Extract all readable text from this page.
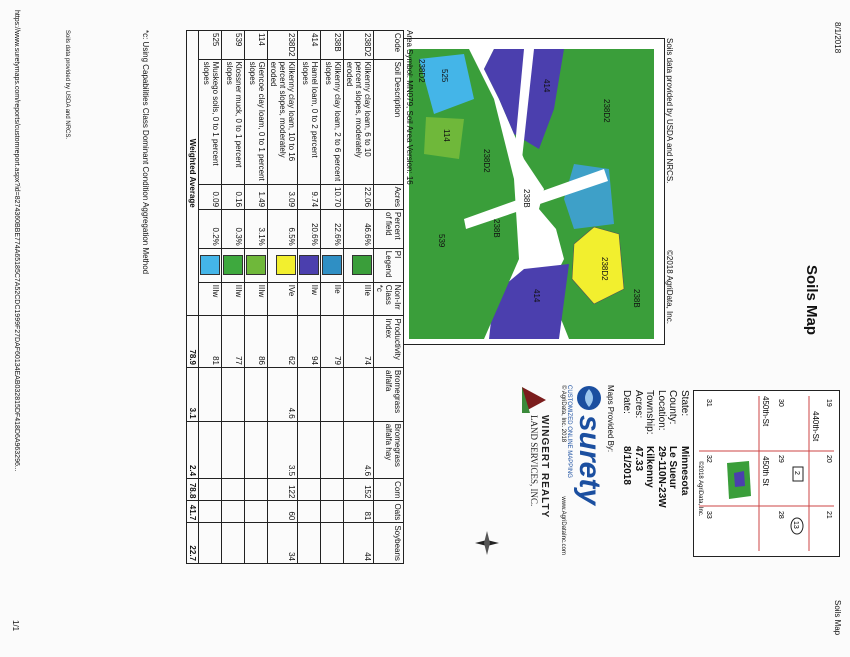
8/1/2018
Soils Map
Soils Map
238B
238D2
414
414
238D2
238B
238D2
114
525
539
238B
238D2	Soils data provided by USDA and NRCS.
©2018 AgriData, Inc.
19
20
21
30
29
28
31
32
33
440th-St
450th-St
450th St	2
13
©2018 AgriData, Inc.
State:Minnesota
County:Le Sueur
Location:29-110N-23W
Township:Kilkenny
Acres:47.33
Date:8/1/2018
Maps Provided By:
surety
CUSTOMIZED ONLINE MAPPING
© AgriData, Inc. 2018
www.AgriDataInc.com
WINGERT REALTY
LAND SERVICES, INC.
Area Symbol: MN079, Soil Area Version: 16
Code	Soil Description	Acres	Percent of field	PI Legend	Non-Irr Class *c	Productivity Index	Bromegrass alfalfa	Bromegrass alfalfa hay	Corn	Oats	Soybeans
238D2	Kilkenny clay loam, 6 to 10 percent slopes, moderately eroded	22.06	46.6%		IIIe	74		4.6	152	81	44
238B	Kilkenny clay loam, 2 to 6 percent slopes	10.70	22.6%		IIe	79					
414	Hamel loam, 0 to 2 percent slopes	9.74	20.6%		IIw	94					
238D2	Kilkenny clay loam, 10 to 16 percent slopes, moderately eroded	3.09	6.5%		IVe	62	4.6	3.5	122	60	34
114	Glencoe clay loam, 0 to 1 percent slopes	1.49	3.1%		IIIw	86					
539	Klossner muck, 0 to 1 percent slopes	0.16	0.3%		IIIw	77					
525	Muskego soils, 0 to 1 percent slopes	0.09	0.2%		IIIw	81					
Weighted Average						78.9	3.1	2.4	78.8	41.7	22.7
*c: Using Capabilities Class Dominant Condition Aggregation Method
Soils data provided by USDA and NRCS.
https://www.suretymaps.com/reports/customreport.aspx?id=8274360BBE774A65185C7A52CDC1999F27DAF60134EAB032815DF418D6A963296...
1/1
